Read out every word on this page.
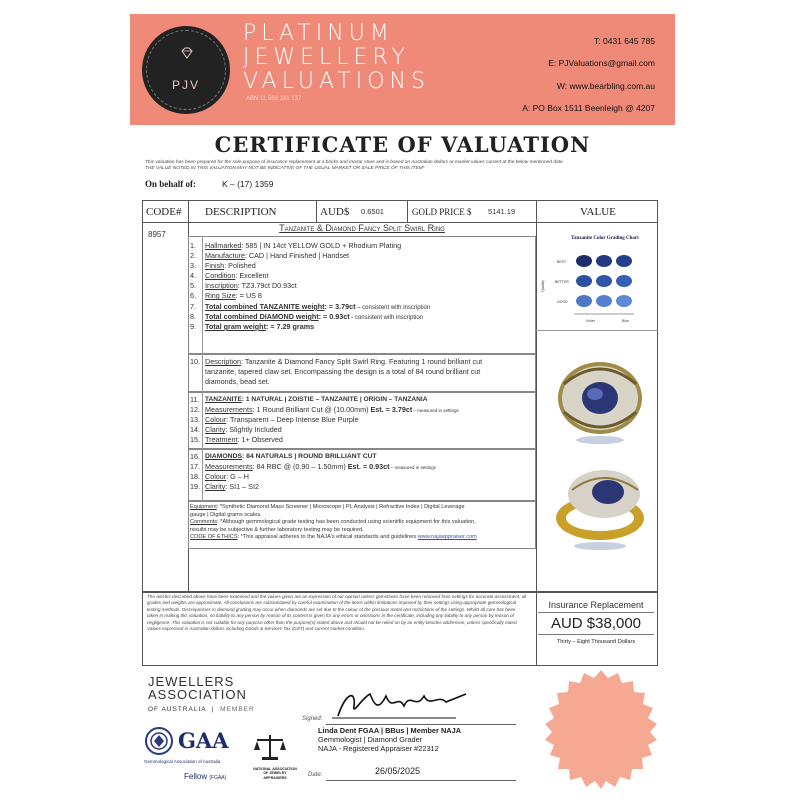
PJV
PLATINUM
JEWELLERY
VALUATIONS
ABN 11 588 191 137
T: 0431 645 785
E: PJValuations@gmail.com
W: www.bearbling.com.au
A: PO Box 1511 Beenleigh @ 4207
CERTIFICATE OF VALUATION
This valuation has been prepared for the sole purpose of insurance replacement at a bricks and mortar store and is based on Australian dollars or market values current at the below mentioned date.
THE VALUE NOTED IN THIS VALUATION MAY NOT BE INDICATIVE OF THE USUAL MARKET OR SALE PRICE OF THIS ITEM*
On behalf of:	K – (17) 1359
CODE# DESCRIPTION	AUD$ 0.6501	GOLD PRICE $ 5141.19	VALUE
8957
Tanzanite & Diamond Fancy Split Swirl Ring
1. Hallmarked: 585 | IN 14ct YELLOW GOLD + Rhodium Plating
2. Manufacture: CAD | Hand Finished | Handset
3. Finish: Polished
4. Condition: Excellent
5. Inscription: TZ3.79ct D0.93ct
6. Ring Size: = US 8
7. Total combined TANZANITE weight: = 3.79ct – consistent with inscription
8. Total combined DIAMOND weight: = 0.93ct - consistent with inscription
9. Total gram weight: = 7.29 grams
10. Description: Tanzanite & Diamond Fancy Split Swirl Ring. Featuring 1 round brilliant cut
tanzanite, tapered claw set. Encompassing the design is a total of 84 round brilliant cut
diamonds, bead set.
11. TANZANITE: 1 NATURAL | ZOISTIE – TANZANITE | ORIGIN – TANZANIA
12. Measurements: 1 Round Brilliant Cut @ (10.00mm) Est. = 3.79ct – measured in settings
13. Colour: Transparent – Deep Intense Blue Purple
14. Clarity: Slightly Included
15. Treatment: 1+ Observed
16. DIAMONDS: 84 NATURALS | ROUND BRILLIANT CUT
17. Measurements: 84 RBC @ (0.90 – 1.50mm) Est. = 0.93ct – measured in settings
18. Colour: G – H
19. Clarity: SI1 – SI2
Equipment: *Synthetic Diamond Mass Screener | Microscope | PL Analysis | Refractive Index | Digital Leverage
gauge | Digital grams scales.
Comments: *Although gemmological grade testing has been conducted using scientific equipment for this valuation,
results may be subjective & further laboratory testing may be required.
CODE OF ETHICS: *This appraisal adheres to the NAJA's ethical standards and guidelines www.najaappraiser.com
Tanzanite Color Grading Chart
Quality
BEST
BETTER
GOOD
Violet	Blue
The articles described above have been examined and the values given are an expression of our opinion unless gemstones have been removed from settings for accurate assessment, all grades and weights are approximate. All conclusions are substantiated by careful examination of the items within limitations imposed by their settings using appropriate gemmological testing methods. Discrepancies in diamond grading may occur when diamonds are set due to the colour of the precious metal and restrictions of the settings. Whilst all care has been taken in making this valuation, no liability to any person by reason of its content is given for any errors or omissions in the certificate, including any liability to any person by reason of negligence. This valuation is not suitable for any purpose other than the purpose(s) stated above and should not be relied on by an entity besides addressee, unless specifically noted. Values expressed in Australian dollars including Goods & Services Tax (GST) and current market condition.
Insurance Replacement
AUD $38,000
Thirty – Eight Thousand Dollars
JEWELLERS
ASSOCIATION
OF AUSTRALIA  |  MEMBER
GAA
Gemmological Association of Australia
Fellow (FGAA)
NATIONAL ASSOCIATION OF JEWELRY APPRAISERS
Signed:
Linda Dent FGAA | BBus | Member NAJA
Gemmologist | Diamond Grader
NAJA - Registered Appraiser #22312
Date:	26/05/2025
